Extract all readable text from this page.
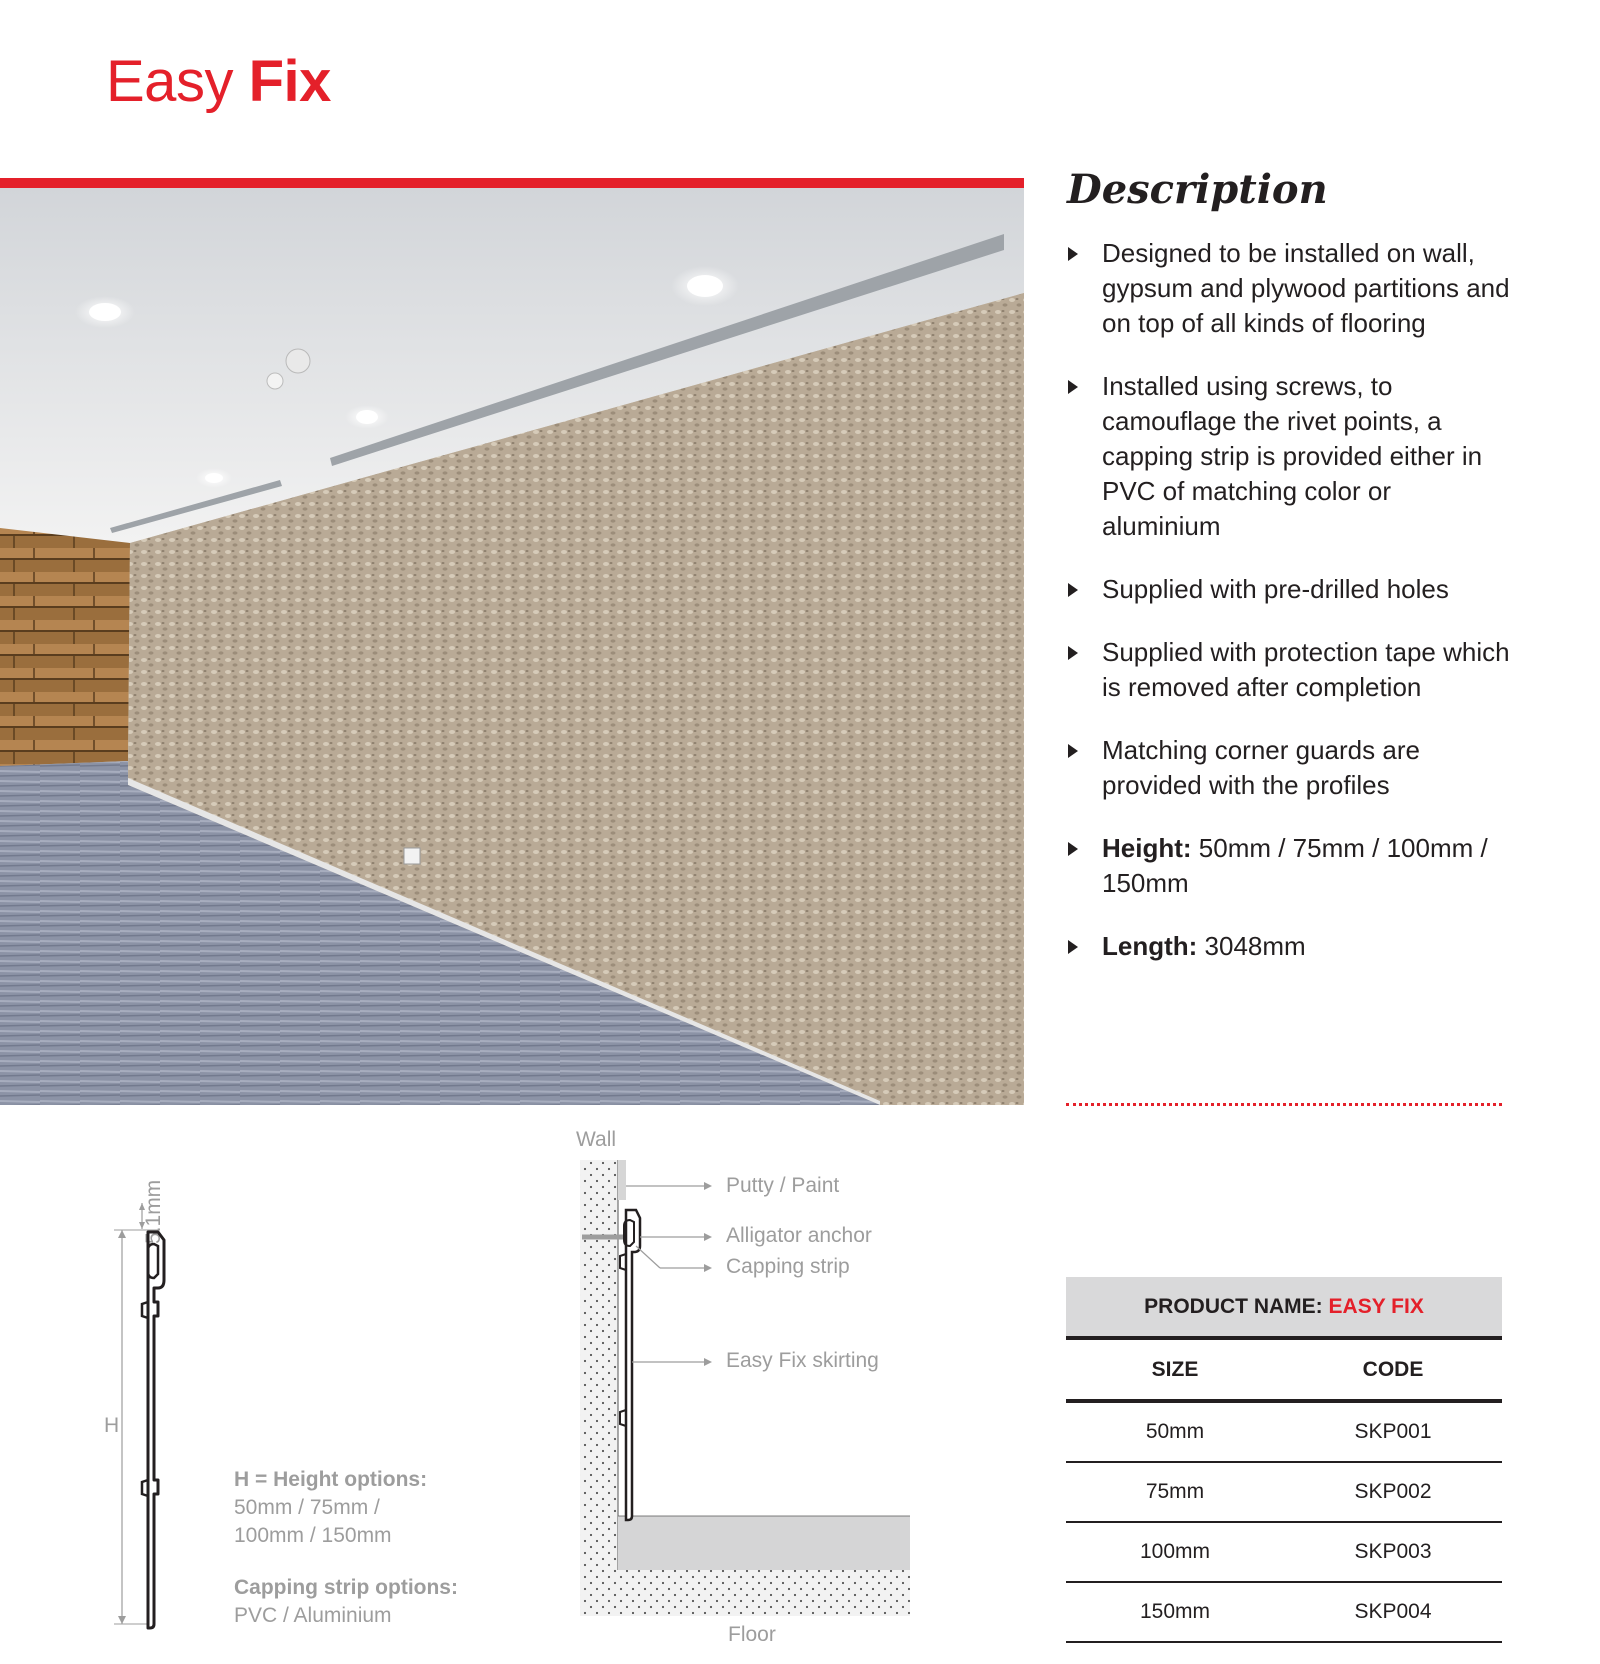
Easy Fix
Description
Designed to be installed on wall, gypsum and plywood partitions and on top of all kinds of flooring
Installed using screws, to camouflage the rivet points, a capping strip is provided either in PVC of matching color or aluminium
Supplied with pre-drilled holes
Supplied with protection tape which is removed after completion
Matching corner guards are provided with the profiles
Height: 50mm / 75mm / 100mm / 150mm
Length: 3048mm
5.1mm
H
H = Height options:
50mm / 75mm /
100mm / 150mm
Capping strip options:
PVC / Aluminium
Wall
Putty / Paint
Alligator anchor
Capping strip
Easy Fix skirting
Floor
PRODUCT NAME: EASY FIX	
SIZE	CODE
50mm	SKP001
75mm	SKP002
100mm	SKP003
150mm	SKP004
